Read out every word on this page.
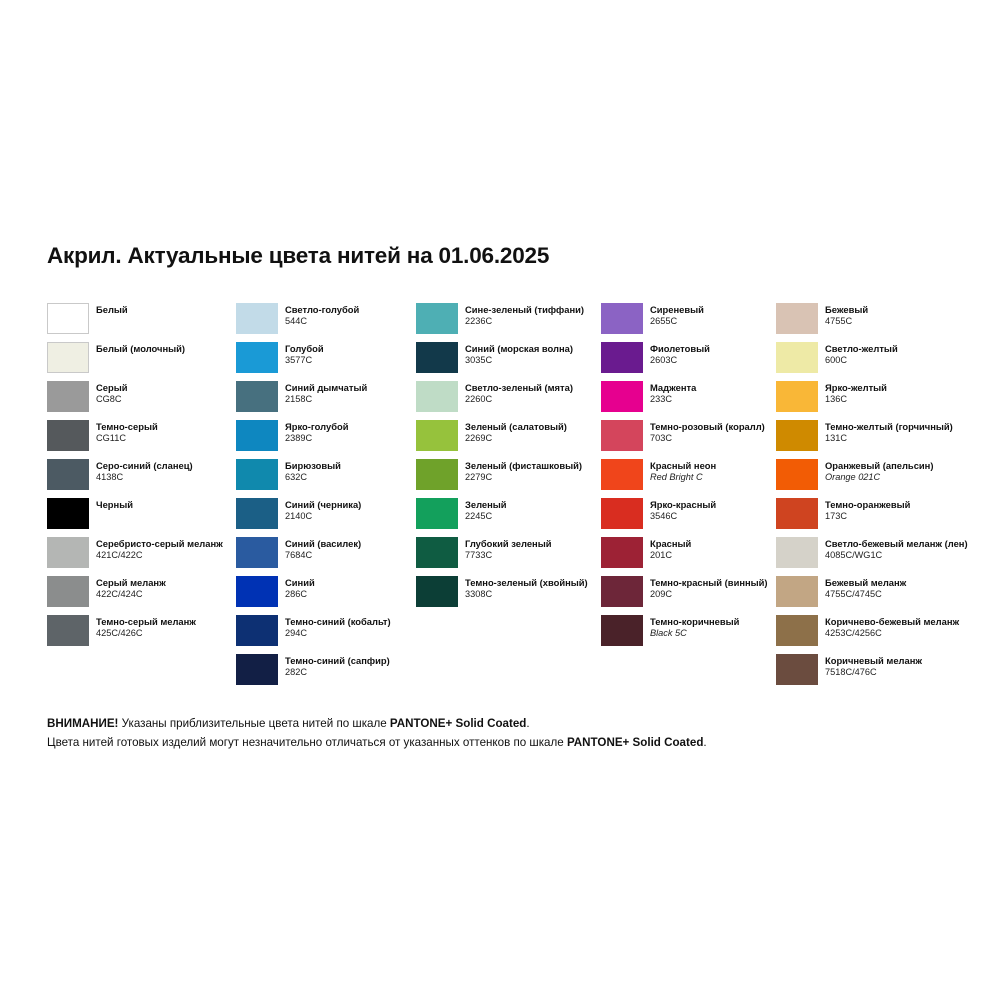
Акрил. Актуальные цвета нитей на 01.06.2025
Белый
Белый (молочный)
Серый
CG8C
Темно-серый
CG11C
Серо-синий (сланец)
4138C
Черный
Серебристо-серый меланж
421C/422C
Серый меланж
422C/424C
Темно-серый меланж
425C/426C
Светло-голубой
544C
Голубой
3577C
Синий дымчатый
2158C
Ярко-голубой
2389C
Бирюзовый
632C
Синий (черника)
2140C
Синий (василек)
7684C
Синий
286C
Темно-синий (кобальт)
294C
Темно-синий (сапфир)
282C
Сине-зеленый (тиффани)
2236C
Синий (морская волна)
3035C
Светло-зеленый (мята)
2260C
Зеленый (салатовый)
2269C
Зеленый (фисташковый)
2279C
Зеленый
2245C
Глубокий зеленый
7733C
Темно-зеленый (хвойный)
3308C
Сиреневый
2655C
Фиолетовый
2603C
Маджента
233C
Темно-розовый (коралл)
703C
Красный неон
Red Bright C
Ярко-красный
3546C
Красный
201C
Темно-красный (винный)
209C
Темно-коричневый
Black 5C
Бежевый
4755C
Светло-желтый
600C
Ярко-желтый
136C
Темно-желтый (горчичный)
131C
Оранжевый (апельсин)
Orange 021C
Темно-оранжевый
173C
Светло-бежевый меланж (лен)
4085C/WG1C
Бежевый меланж
4755C/4745C
Коричнево-бежевый меланж
4253C/4256C
Коричневый меланж
7518C/476C
ВНИМАНИЕ! Указаны приблизительные цвета нитей по шкале PANTONE+ Solid Coated.
Цвета нитей готовых изделий могут незначительно отличаться от указанных оттенков по шкале PANTONE+ Solid Coated.
